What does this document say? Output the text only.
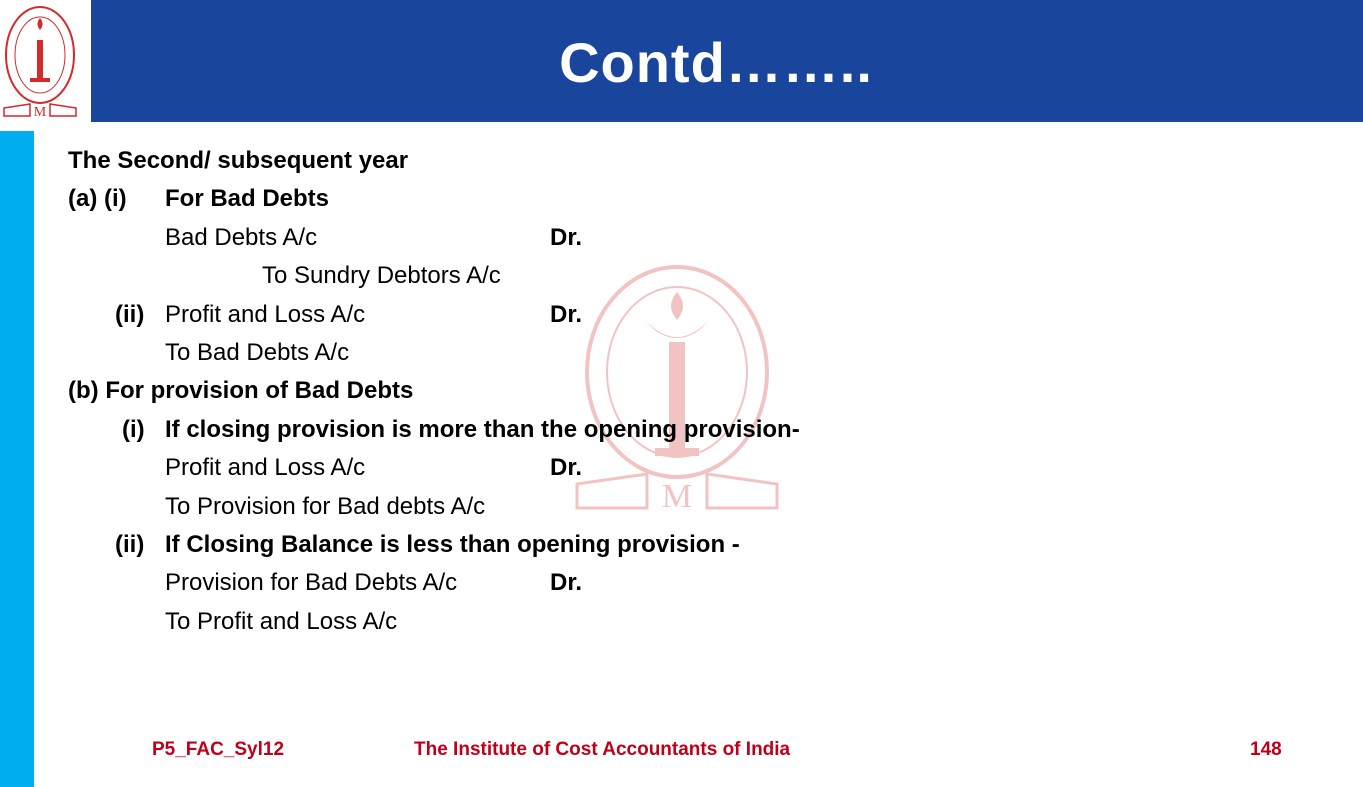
M
Contd……..
M
The Second/ subsequent year
(a) (i) For Bad Debts
Bad Debts A/c	Dr.
To Sundry Debtors A/c
(ii) Profit and Loss A/c	Dr.
To Bad Debts A/c
(b) For provision of Bad Debts
(i) If closing provision is more than the opening provision-
Profit and Loss A/c	Dr.
To Provision for Bad debts A/c
(ii) If Closing Balance is less than opening provision -
Provision for Bad Debts A/c	Dr.
To Profit and Loss A/c
P5_FAC_Syl12	The Institute of Cost Accountants of India	148
